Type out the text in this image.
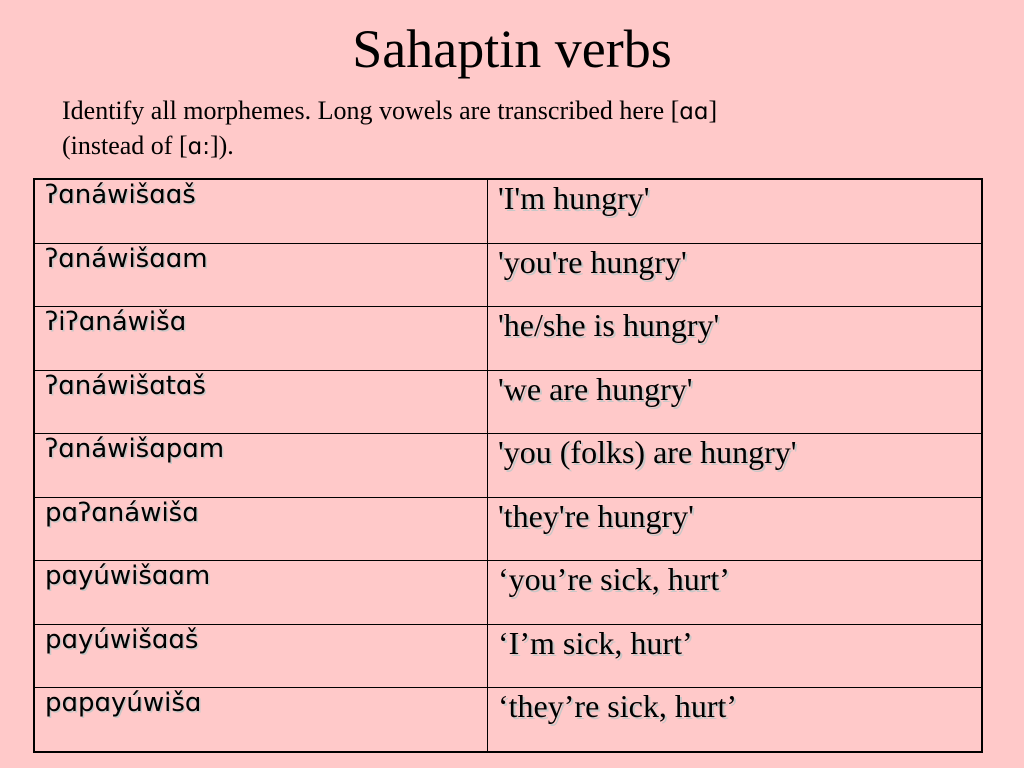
Sahaptin verbs
Identify all morphemes. Long vowels are transcribed here [ɑɑ]
(instead of [ɑ:]).
ʔɑnáwišɑɑš	'I'm hungry'
ʔɑnáwišɑɑm	'you're hungry'
ʔiʔɑnáwišɑ	'he/she is hungry'
ʔɑnáwišɑtɑš	'we are hungry'
ʔɑnáwišɑpɑm	'you (folks) are hungry'
pɑʔɑnáwišɑ	'they're hungry'
pɑyúwišɑɑm	‘you’re sick, hurt’
pɑyúwišɑɑš	‘I’m sick, hurt’
pɑpɑyúwišɑ	‘they’re sick, hurt’
